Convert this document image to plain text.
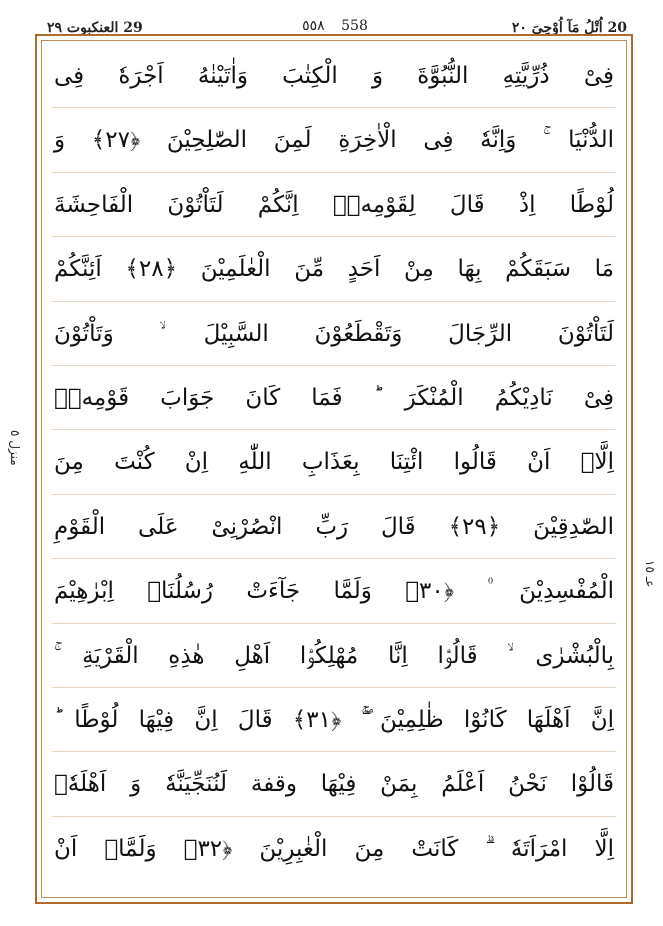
20 اُتْلُ مَآ اُوْحِىَ ٢٠
٥٥٨ 558
29 العنکبوت ٢٩
منزل ٥
عـ ١٥
فِىْ ذُرِّيَّتِهِ النُّبُوَّةَ وَ الْكِتٰبَ وَاٰتَيْنٰهُ اَجْرَهٗ فِى
الدُّنْيَا ۚ وَاِنَّهٗ فِى الْاٰخِرَةِ لَمِنَ الصّٰلِحِيْنَ ﴿٢٧﴾ وَ
لُوْطًا اِذْ قَالَ لِقَوْمِهٖۤ اِنَّكُمْ لَتَاْتُوْنَ الْفَاحِشَةَ
مَا سَبَقَكُمْ بِهَا مِنْ اَحَدٍ مِّنَ الْعٰلَمِيْنَ ﴿٢٨﴾ اَئِنَّكُمْ
لَتَاْتُوْنَ الرِّجَالَ وَتَقْطَعُوْنَ السَّبِيْلَ ۙ وَتَاْتُوْنَ
فِىْ نَادِيْكُمُ الْمُنْكَرَ ؕ فَمَا كَانَ جَوَابَ قَوْمِهٖۤ
اِلَّاۤ اَنْ قَالُوا ائْتِنَا بِعَذَابِ اللّٰهِ اِنْ كُنْتَ مِنَ
الصّٰدِقِيْنَ ﴿٢٩﴾ قَالَ رَبِّ انْصُرْنِىْ عَلَى الْقَوْمِ
الْمُفْسِدِيْنَ ۠ ﴿٣٠﴾ وَلَمَّا جَآءَتْ رُسُلُنَاۤ اِبْرٰهِيْمَ
بِالْبُشْرٰى ۙ قَالُوْۤا اِنَّا مُهْلِكُوْۤا اَهْلِ هٰذِهِ الْقَرْيَةِ ۚ
اِنَّ اَهْلَهَا كَانُوْا ظٰلِمِيْنَ ۚۖ ﴿٣١﴾ قَالَ اِنَّ فِيْهَا لُوْطًا ؕ
قَالُوْا نَحْنُ اَعْلَمُ بِمَنْ فِيْهَا وقفة لَنُنَجِّيَنَّهٗ وَ اَهْلَهٗۤ
اِلَّا امْرَاَتَهٗ ۗ كَانَتْ مِنَ الْغٰبِرِيْنَ ﴿٣٢﴾ وَلَمَّاۤ اَنْ
